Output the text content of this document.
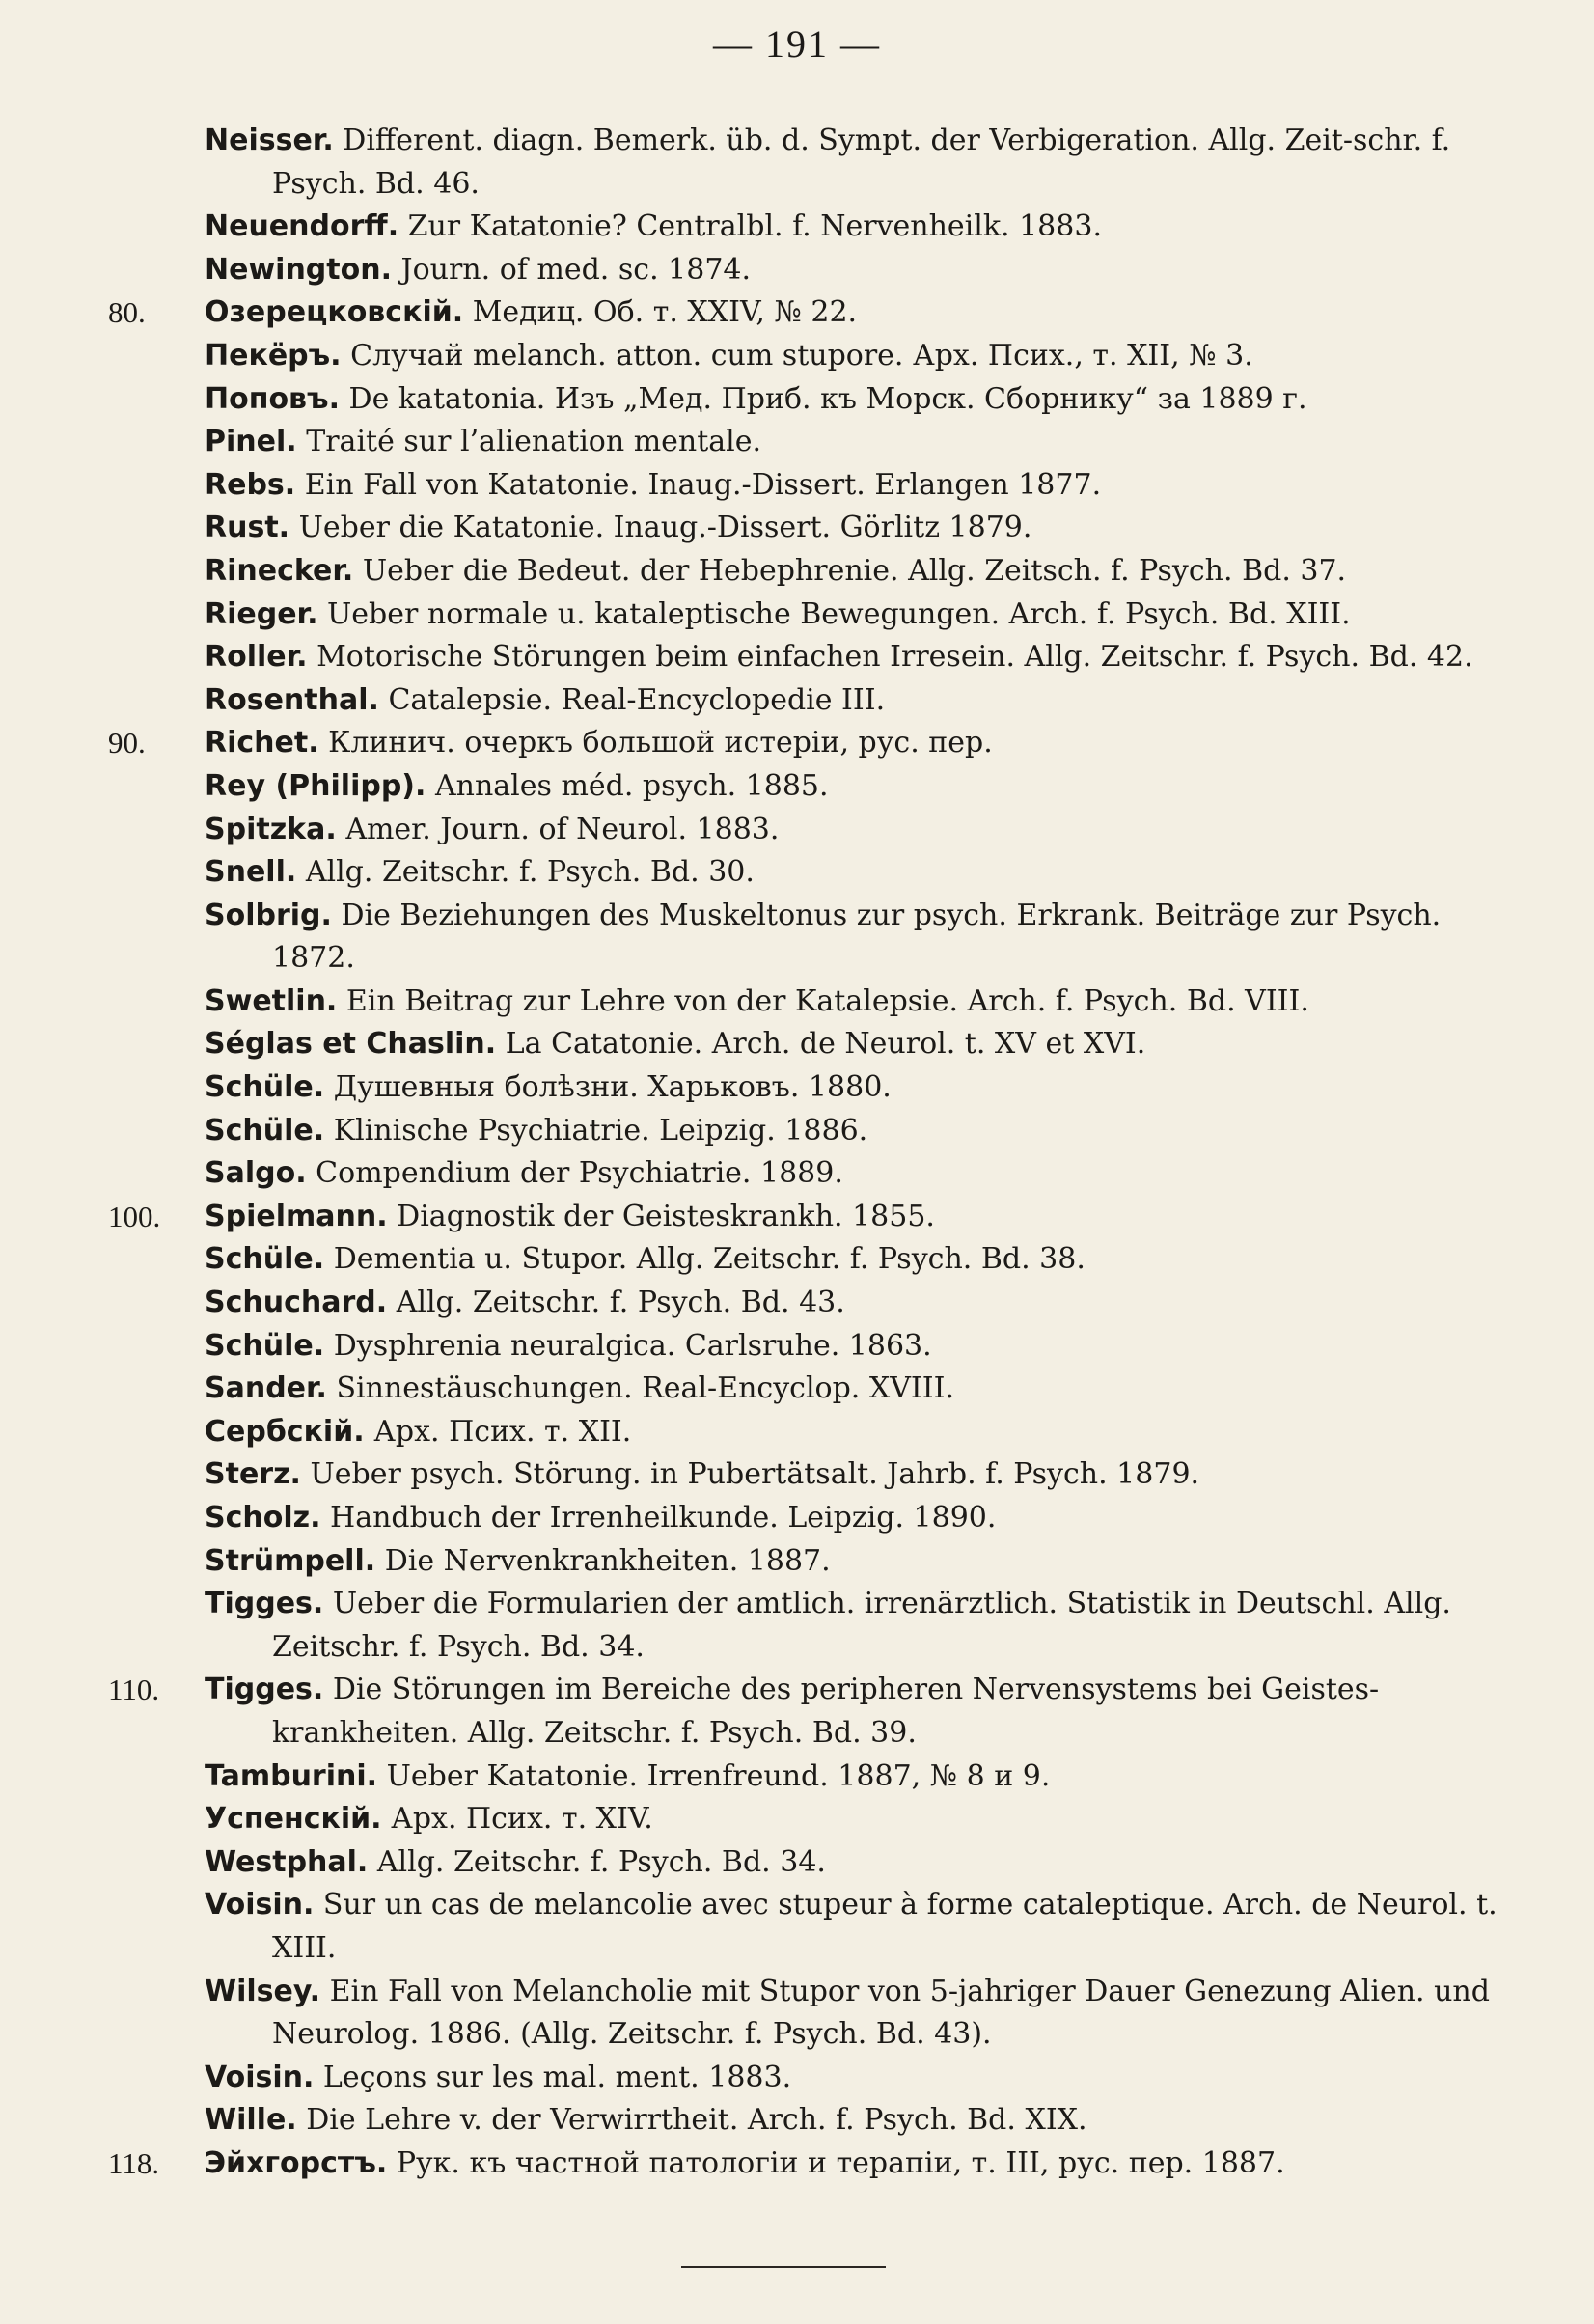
— 191 —
Neisser. Different. diagn. Bemerk. üb. d. Sympt. der Verbigeration. Allg. Zeit-schr. f. Psych. Bd. 46.
Neuendorff. Zur Katatonie? Centralbl. f. Nervenheilk. 1883.
Newington. Journ. of med. sc. 1874.
80.	Озерецковскій. Медиц. Об. т. XXIV, № 22.
Пекёръ. Случай melanch. atton. cum stupore. Арх. Псих., т. XII, № 3.
Поповъ. De katatonia. Изъ „Мед. Приб. къ Морск. Сборнику“ за 1889 г.
Pinel. Traité sur l’alienation mentale.
Rebs. Ein Fall von Katatonie. Inaug.-Dissert. Erlangen 1877.
Rust. Ueber die Katatonie. Inaug.-Dissert. Görlitz 1879.
Rinecker. Ueber die Bedeut. der Hebephrenie. Allg. Zeitsch. f. Psych. Bd. 37.
Rieger. Ueber normale u. kataleptische Bewegungen. Arch. f. Psych. Bd. XIII.
Roller. Motorische Störungen beim einfachen Irresein. Allg. Zeitschr. f. Psych. Bd. 42.
Rosenthal. Catalepsie. Real-Encyclopedie III.
90.	Richet. Клинич. очеркъ большой истеріи, рус. пер.
Rey (Philipp). Annales méd. psych. 1885.
Spitzka. Amer. Journ. of Neurol. 1883.
Snell. Allg. Zeitschr. f. Psych. Bd. 30.
Solbrig. Die Beziehungen des Muskeltonus zur psych. Erkrank. Beiträge zur Psych. 1872.
Swetlin. Ein Beitrag zur Lehre von der Katalepsie. Arch. f. Psych. Bd. VIII.
Séglas et Chaslin. La Catatonie. Arch. de Neurol. t. XV et XVI.
Schüle. Душевныя болѣзни. Харьковъ. 1880.
Schüle. Klinische Psychiatrie. Leipzig. 1886.
Salgo. Compendium der Psychiatrie. 1889.
100.	Spielmann. Diagnostik der Geisteskrankh. 1855.
Schüle. Dementia u. Stupor. Allg. Zeitschr. f. Psych. Bd. 38.
Schuchard. Allg. Zeitschr. f. Psych. Bd. 43.
Schüle. Dysphrenia neuralgica. Carlsruhe. 1863.
Sander. Sinnestäuschungen. Real-Encyclop. XVIII.
Сербскій. Арх. Псих. т. XII.
Sterz. Ueber psych. Störung. in Pubertätsalt. Jahrb. f. Psych. 1879.
Scholz. Handbuch der Irrenheilkunde. Leipzig. 1890.
Strümpell. Die Nervenkrankheiten. 1887.
Tigges. Ueber die Formularien der amtlich. irrenärztlich. Statistik in Deutschl. Allg. Zeitschr. f. Psych. Bd. 34.
110.	Tigges. Die Störungen im Bereiche des peripheren Nervensystems bei Geistes-krankheiten. Allg. Zeitschr. f. Psych. Bd. 39.
Tamburini. Ueber Katatonie. Irrenfreund. 1887, № 8 и 9.
Успенскій. Арх. Псих. т. XIV.
Westphal. Allg. Zeitschr. f. Psych. Bd. 34.
Voisin. Sur un cas de melancolie avec stupeur à forme cataleptique. Arch. de Neurol. t. XIII.
Wilsey. Ein Fall von Melancholie mit Stupor von 5-jahriger Dauer Genezung Alien. und Neurolog. 1886. (Allg. Zeitschr. f. Psych. Bd. 43).
Voisin. Leçons sur les mal. ment. 1883.
Wille. Die Lehre v. der Verwirrtheit. Arch. f. Psych. Bd. XIX.
118.	Эйхгорстъ. Рук. къ частной патологіи и терапіи, т. III, рус. пер. 1887.
